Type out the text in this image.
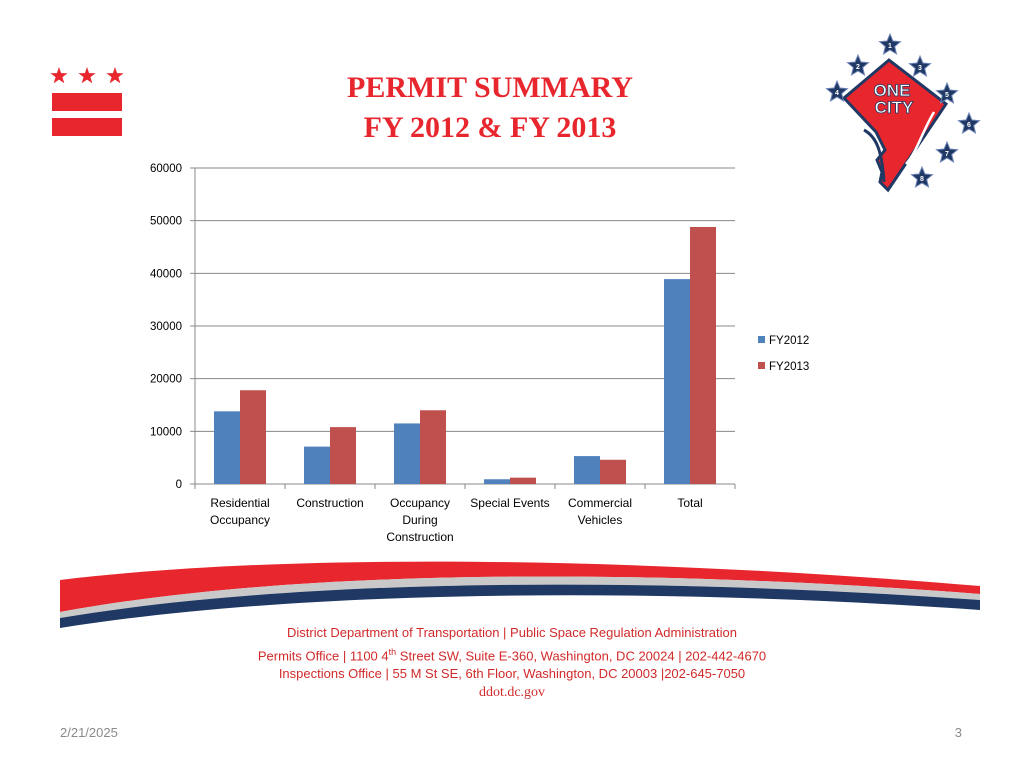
PERMIT SUMMARY
FY 2012 & FY 2013
ONE
CITY
1
2	3
4	5
6
7
8
0
10000
20000
30000
40000
50000
60000
Residential
Occupancy
Construction Occupancy
During
Construction
Special Events Commercial
Vehicles
Total
FY2012
FY2013
District Department of Transportation | Public Space Regulation Administration
Permits Office | 1100 4th Street SW, Suite E-360, Washington, DC 20024 | 202-442-4670
Inspections Office | 55 M St SE, 6th Floor, Washington, DC 20003 |202-645-7050
ddot.dc.gov
2/21/2025	3
